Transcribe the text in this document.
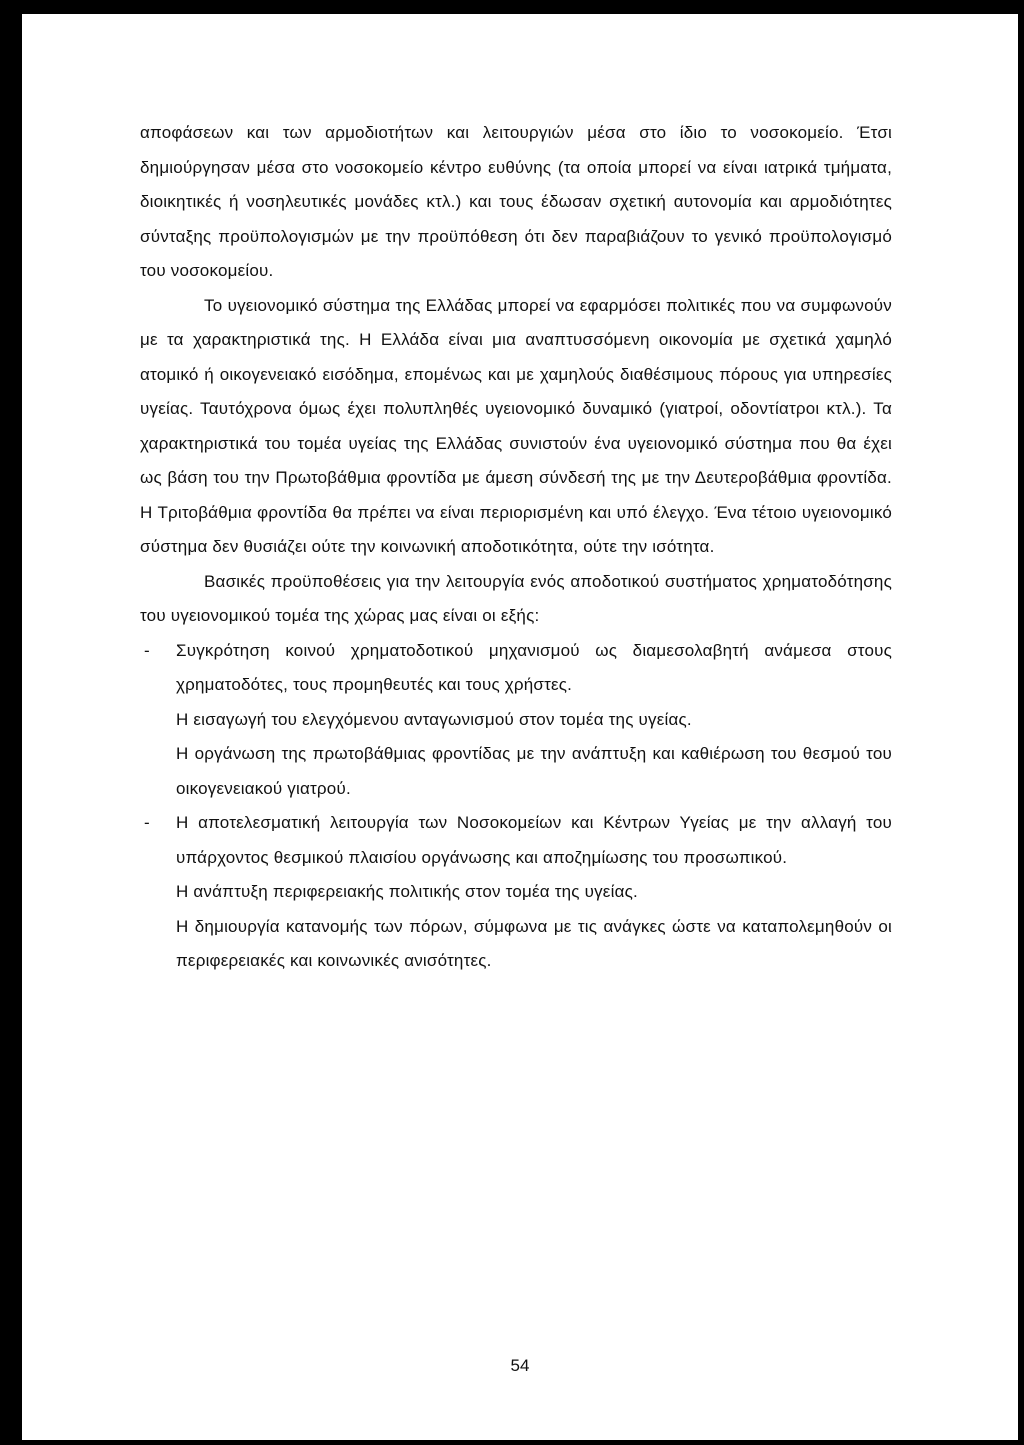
αποφάσεων και των αρμοδιοτήτων και λειτουργιών μέσα στο ίδιο το νοσοκομείο. Έτσι δημιούργησαν μέσα στο νοσοκομείο κέντρο ευθύνης (τα οποία μπορεί να είναι ιατρικά τμήματα, διοικητικές ή νοσηλευτικές μονάδες κτλ.) και τους έδωσαν σχετική αυτονομία και αρμοδιότητες σύνταξης προϋπολογισμών με την προϋπόθεση ότι δεν παραβιάζουν το γενικό προϋπολογισμό του νοσοκομείου.

Το υγειονομικό σύστημα της Ελλάδας μπορεί να εφαρμόσει πολιτικές που να συμφωνούν με τα χαρακτηριστικά της. Η Ελλάδα είναι μια αναπτυσσόμενη οικονομία με σχετικά χαμηλό ατομικό ή οικογενειακό εισόδημα, επομένως και με χαμηλούς διαθέσιμους πόρους για υπηρεσίες υγείας. Ταυτόχρονα όμως έχει πολυπληθές υγειονομικό δυναμικό (γιατροί, οδοντίατροι κτλ.). Τα χαρακτηριστικά του τομέα υγείας της Ελλάδας συνιστούν ένα υγειονομικό σύστημα που θα έχει ως βάση του την Πρωτοβάθμια φροντίδα με άμεση σύνδεσή της με την Δευτεροβάθμια φροντίδα. Η Τριτοβάθμια φροντίδα θα πρέπει να είναι περιορισμένη και υπό έλεγχο. Ένα τέτοιο υγειονομικό σύστημα δεν θυσιάζει ούτε την κοινωνική αποδοτικότητα, ούτε την ισότητα.

Βασικές προϋποθέσεις για την λειτουργία ενός αποδοτικού συστήματος χρηματοδότησης του υγειονομικού τομέα της χώρας μας είναι οι εξής:

- Συγκρότηση κοινού χρηματοδοτικού μηχανισμού ως διαμεσολαβητή ανάμεσα στους χρηματοδότες, τους προμηθευτές και τους χρήστες.
Η εισαγωγή του ελεγχόμενου ανταγωνισμού στον τομέα της υγείας.
Η οργάνωση της πρωτοβάθμιας φροντίδας με την ανάπτυξη και καθιέρωση του θεσμού του οικογενειακού γιατρού.
- Η αποτελεσματική λειτουργία των Νοσοκομείων και Κέντρων Υγείας με την αλλαγή του υπάρχοντος θεσμικού πλαισίου οργάνωσης και αποζημίωσης του προσωπικού.
Η ανάπτυξη περιφερειακής πολιτικής στον τομέα της υγείας.
Η δημιουργία κατανομής των πόρων, σύμφωνα με τις ανάγκες ώστε να καταπολεμηθούν οι περιφερειακές και κοινωνικές ανισότητες.
54
